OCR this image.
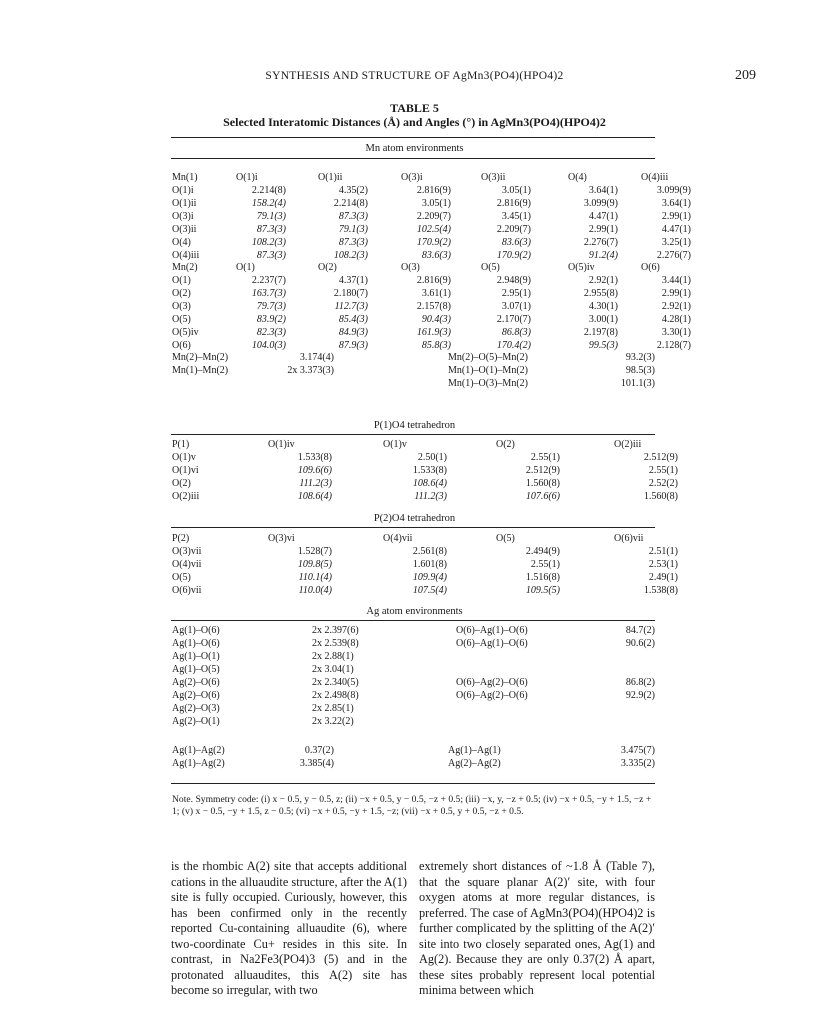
SYNTHESIS AND STRUCTURE OF AgMn3(PO4)(HPO4)2	209
TABLE 5
Selected Interatomic Distances (Å) and Angles (°) in AgMn3(PO4)(HPO4)2
Mn atom environments
Mn(1)	O(1)i	O(1)ii	O(3)i	O(3)ii	O(4)	O(4)iii
O(1)i	2.214(8)	4.35(2)	2.816(9)	3.05(1)	3.64(1)	3.099(9)
O(1)ii	158.2(4)	2.214(8)	3.05(1)	2.816(9)	3.099(9)	3.64(1)
O(3)i	79.1(3)	87.3(3)	2.209(7)	3.45(1)	4.47(1)	2.99(1)
O(3)ii	87.3(3)	79.1(3)	102.5(4)	2.209(7)	2.99(1)	4.47(1)
O(4)	108.2(3)	87.3(3)	170.9(2)	83.6(3)	2.276(7)	3.25(1)
O(4)iii	87.3(3)	108.2(3)	83.6(3)	170.9(2)	91.2(4)	2.276(7)
Mn(2)	O(1)	O(2)	O(3)	O(5)	O(5)iv	O(6)
O(1)	2.237(7)	4.37(1)	2.816(9)	2.948(9)	2.92(1)	3.44(1)
O(2)	163.7(3)	2.180(7)	3.61(1)	2.95(1)	2.955(8)	2.99(1)
O(3)	79.7(3)	112.7(3)	2.157(8)	3.07(1)	4.30(1)	2.92(1)
O(5)	83.9(2)	85.4(3)	90.4(3)	2.170(7)	3.00(1)	4.28(1)
O(5)iv	82.3(3)	84.9(3)	161.9(3)	86.8(3)	2.197(8)	3.30(1)
O(6)	104.0(3)	87.9(3)	85.8(3)	170.4(2)	99.5(3)	2.128(7)
Mn(2)–Mn(2)	3.174(4)	Mn(2)–O(5)–Mn(2)	93.2(3)
Mn(1)–Mn(2)	2x 3.373(3)	Mn(1)–O(1)–Mn(2)	98.5(3)
Mn(1)–O(3)–Mn(2)	101.1(3)
P(1)O4 tetrahedron
P(1)	O(1)iv	O(1)v	O(2)	O(2)iii
O(1)v	1.533(8)	2.50(1)	2.55(1)	2.512(9)
O(1)vi	109.6(6)	1.533(8)	2.512(9)	2.55(1)
O(2)	111.2(3)	108.6(4)	1.560(8)	2.52(2)
O(2)iii	108.6(4)	111.2(3)	107.6(6)	1.560(8)
P(2)O4 tetrahedron
P(2)	O(3)vi	O(4)vii	O(5)	O(6)vii
O(3)vii	1.528(7)	2.561(8)	2.494(9)	2.51(1)
O(4)vii	109.8(5)	1.601(8)	2.55(1)	2.53(1)
O(5)	110.1(4)	109.9(4)	1.516(8)	2.49(1)
O(6)vii	110.0(4)	107.5(4)	109.5(5)	1.538(8)
Ag atom environments
Ag(1)–O(6)	2x 2.397(6)	O(6)–Ag(1)–O(6)	84.7(2)
Ag(1)–O(6)	2x 2.539(8)	O(6)–Ag(1)–O(6)	90.6(2)
Ag(1)–O(1)	2x 2.88(1)
Ag(1)–O(5)	2x 3.04(1)
Ag(2)–O(6)	2x 2.340(5)	O(6)–Ag(2)–O(6)	86.8(2)
Ag(2)–O(6)	2x 2.498(8)	O(6)–Ag(2)–O(6)	92.9(2)
Ag(2)–O(3)	2x 2.85(1)
Ag(2)–O(1)	2x 3.22(2)
Ag(1)–Ag(2)	0.37(2)	Ag(1)–Ag(1)	3.475(7)
Ag(1)–Ag(2)	3.385(4)	Ag(2)–Ag(2)	3.335(2)
Note. Symmetry code: (i) x − 0.5, y − 0.5, z; (ii) −x + 0.5, y − 0.5, −z + 0.5; (iii) −x, y, −z + 0.5; (iv) −x + 0.5, −y + 1.5, −z + 1; (v) x − 0.5, −y + 1.5, z − 0.5; (vi) −x + 0.5, −y + 1.5, −z; (vii) −x + 0.5, y + 0.5, −z + 0.5.
is the rhombic A(2) site that accepts additional cations in the alluaudite structure, after the A(1) site is fully occupied. Curiously, however, this has been confirmed only in the recently reported Cu-containing alluaudite (6), where two-coordinate Cu+ resides in this site. In contrast, in Na2Fe3(PO4)3 (5) and in the protonated alluaudites, this A(2) site has become so irregular, with two
extremely short distances of ~1.8 Å (Table 7), that the square planar A(2)′ site, with four oxygen atoms at more regular distances, is preferred. The case of AgMn3(PO4)(HPO4)2 is further complicated by the splitting of the A(2)′ site into two closely separated ones, Ag(1) and Ag(2). Because they are only 0.37(2) Å apart, these sites probably represent local potential minima between which
